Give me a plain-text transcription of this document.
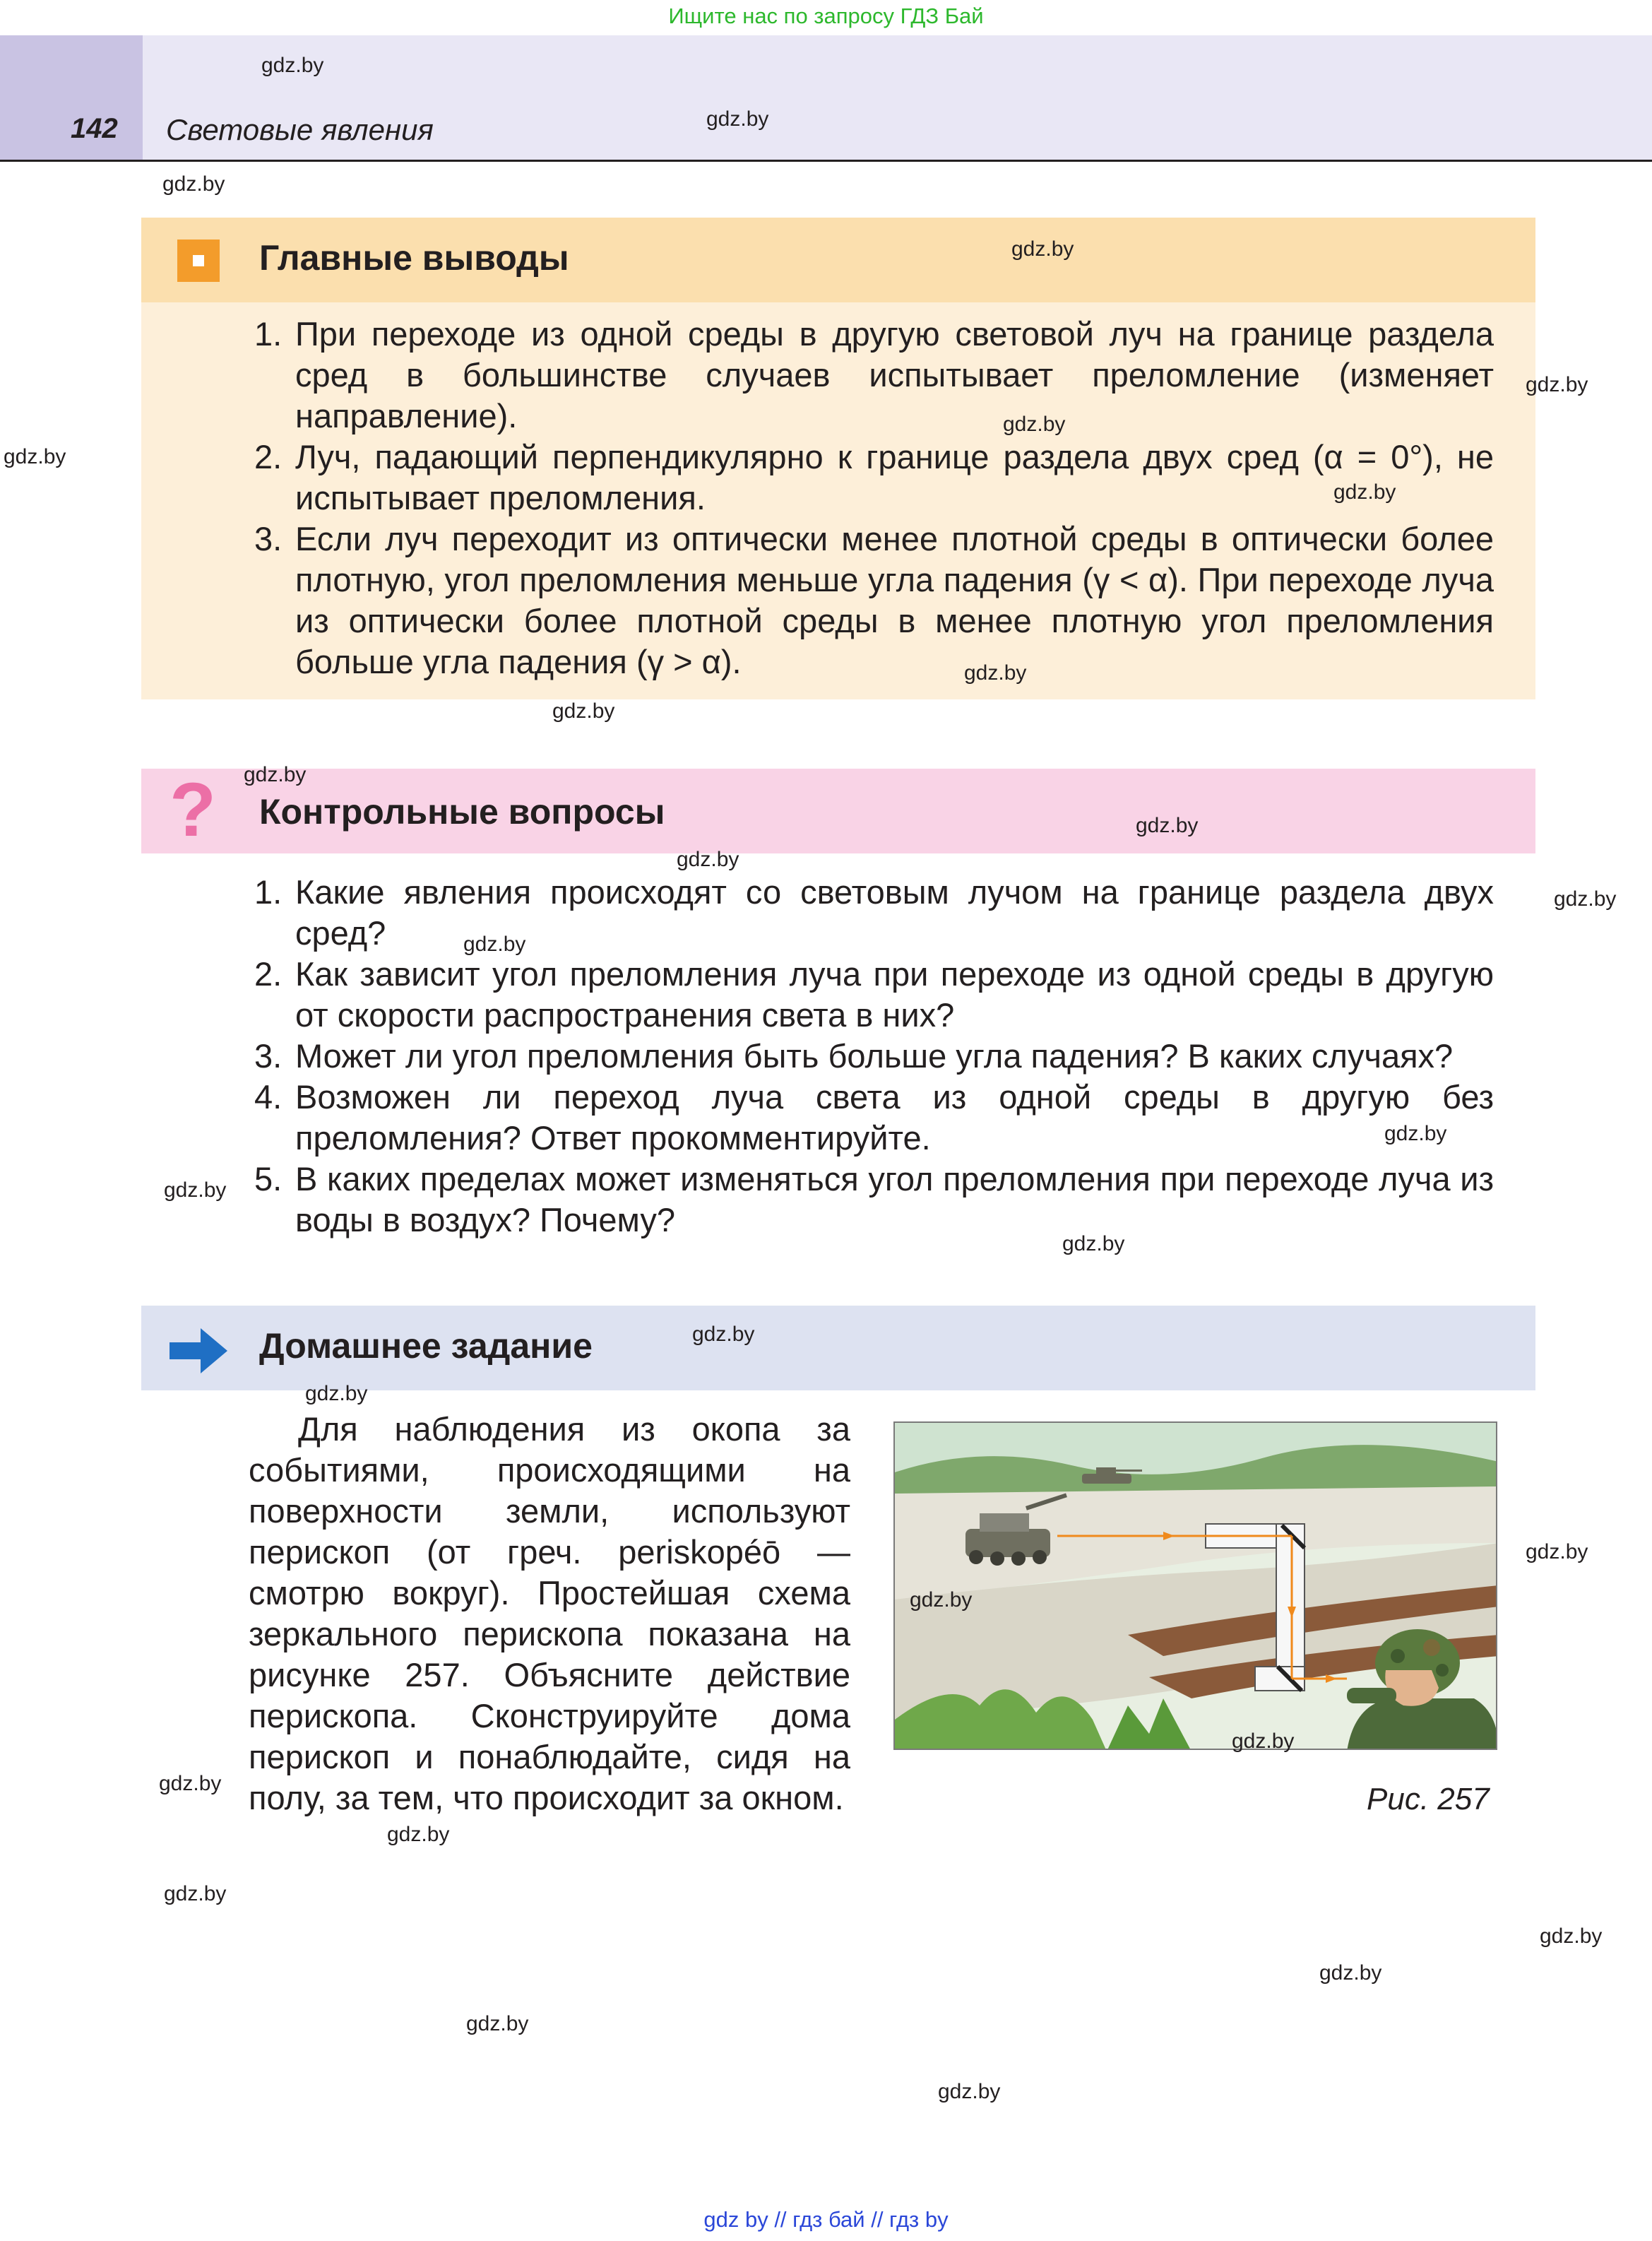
Ищите нас по запросу ГДЗ Бай
142 Световые явления
Главные выводы
1. При переходе из одной среды в другую световой луч на границе раздела сред в большинстве случаев испытывает преломление (изменяет направление).
2. Луч, падающий перпендикулярно к границе раздела двух сред (α = 0°), не испытывает преломления.
3. Если луч переходит из оптически менее плотной среды в оптически более плотную, угол преломления меньше угла падения (γ < α). При переходе луча из оптически более плотной среды в менее плотную угол преломления больше угла падения (γ > α).
? Контрольные вопросы
1. Какие явления происходят со световым лучом на границе раздела двух сред?
2. Как зависит угол преломления луча при переходе из одной среды в другую от скорости распространения света в них?
3. Может ли угол преломления быть больше угла падения? В каких случаях?
4. Возможен ли переход луча света из одной среды в другую без преломления? Ответ прокомментируйте.
5. В каких пределах может изменяться угол преломления при переходе луча из воды в воздух? Почему?
Домашнее задание

Для наблюдения из окопа за событиями, происходящими на поверхности земли, используют перископ (от греч. periskopéō — смотрю вокруг). Простейшая схема зеркального перископа показана на рисунке 257. Объясните действие перископа. Сконструируйте дома перископ и понаблюдайте, сидя на полу, за тем, что происходит за окном.	Рис. 257
gdz.by
gdz.by
gdz.by
gdz.by
gdz.by
gdz.by
gdz.by
gdz.by
gdz.by
gdz.by
gdz.by
gdz.by
gdz.by
gdz.by
gdz.by
gdz.by
gdz.by
gdz.by
gdz.by
gdz.by
gdz.by
gdz.by
gdz.by
gdz.by
gdz.by
gdz.by
gdz.by
gdz.by
gdz.by
gdz.by
gdz by // гдз бай // гдз by
